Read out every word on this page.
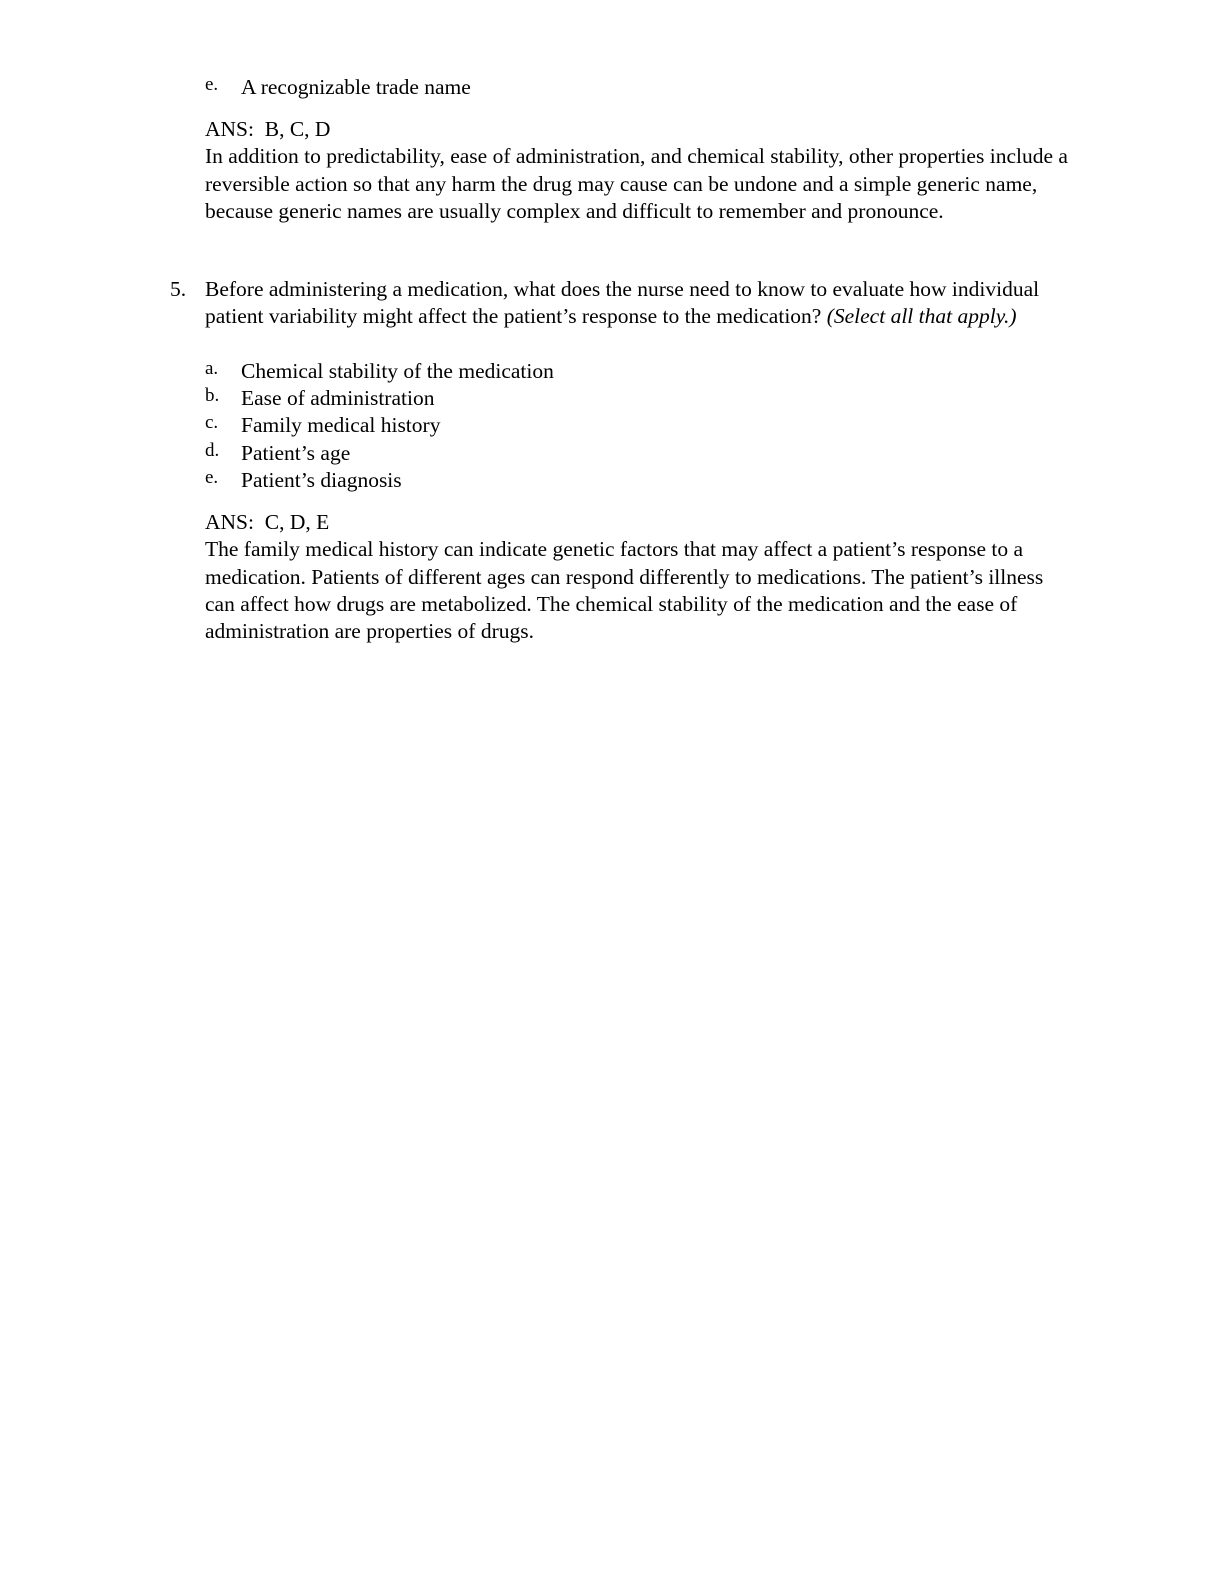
e. A recognizable trade name

ANS:  B, C, D

In addition to predictability, ease of administration, and chemical stability, other properties include a reversible action so that any harm the drug may cause can be undone and a simple generic name, because generic names are usually complex and difficult to remember and pronounce.

5. Before administering a medication, what does the nurse need to know to evaluate how individual patient variability might affect the patient’s response to the medication? (Select all that apply.)

a. Chemical stability of the medication
b. Ease of administration
c. Family medical history
d. Patient’s age
e. Patient’s diagnosis

ANS:  C, D, E

The family medical history can indicate genetic factors that may affect a patient’s response to a medication. Patients of different ages can respond differently to medications. The patient’s illness can affect how drugs are metabolized. The chemical stability of the medication and the ease of administration are properties of drugs.
